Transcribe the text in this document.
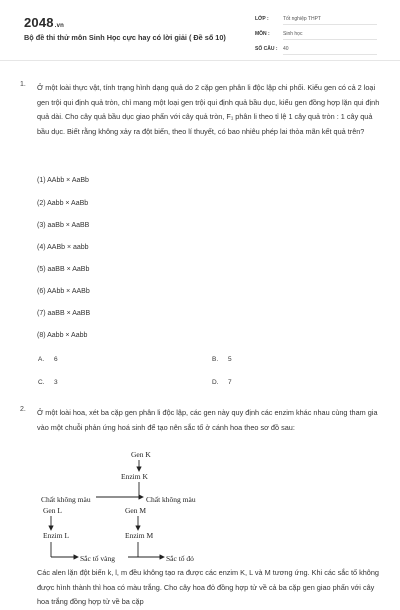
2048.vn
Bộ đề thi thử môn Sinh Học cực hay có lời giải ( Đề số 10)
LỚP :	Tốt nghiệp THPT
MÔN :	Sinh học
SỐ CÂU : 40
1. Ở một loài thực vật, tính trạng hình dạng quả do 2 cặp gen phân li độc lập chi phối. Kiểu gen có cả 2 loại gen trội qui định quả tròn, chỉ mang một loại gen trội qui định quả bầu dục, kiểu gen đồng hợp lặn qui định quả dài. Cho cây quả bầu dục giao phấn với cây quả tròn, F₁ phân li theo tỉ lệ 1 cây quả tròn : 1 cây quả bầu dục. Biết rằng không xảy ra đột biến, theo lí thuyết, có bao nhiêu phép lai thỏa mãn kết quả trên?
(1) AAbb × AaBb
(2) Aabb × AaBb
(3) aaBb × AaBB
(4) AABb × aabb
(5) aaBB × AaBb
(6) AAbb × AABb
(7) aaBB × AaBB
(8) Aabb × Aabb
A. 6	B. 5
C. 3	D. 7
2. Ở một loài hoa, xét ba cặp gen phân li độc lập, các gen này quy định các enzim khác nhau cùng tham gia vào một chuỗi phản ứng hoá sinh để tạo nên sắc tố ở cánh hoa theo sơ đồ sau:
Gen K
Enzim K
Chất không màu	Chất không màu
Gen L	Gen M
Enzim L	Enzim M
Sắc tố vàng	Sắc tố đỏ
Các alen lặn đột biến k, l, m đều không tạo ra được các enzim K, L và M tương ứng. Khi các sắc tố không được hình thành thì hoa có màu trắng. Cho cây hoa đỏ đồng hợp tử về cả ba cặp gen giao phấn với cây hoa trắng đồng hợp tử về ba cặp
